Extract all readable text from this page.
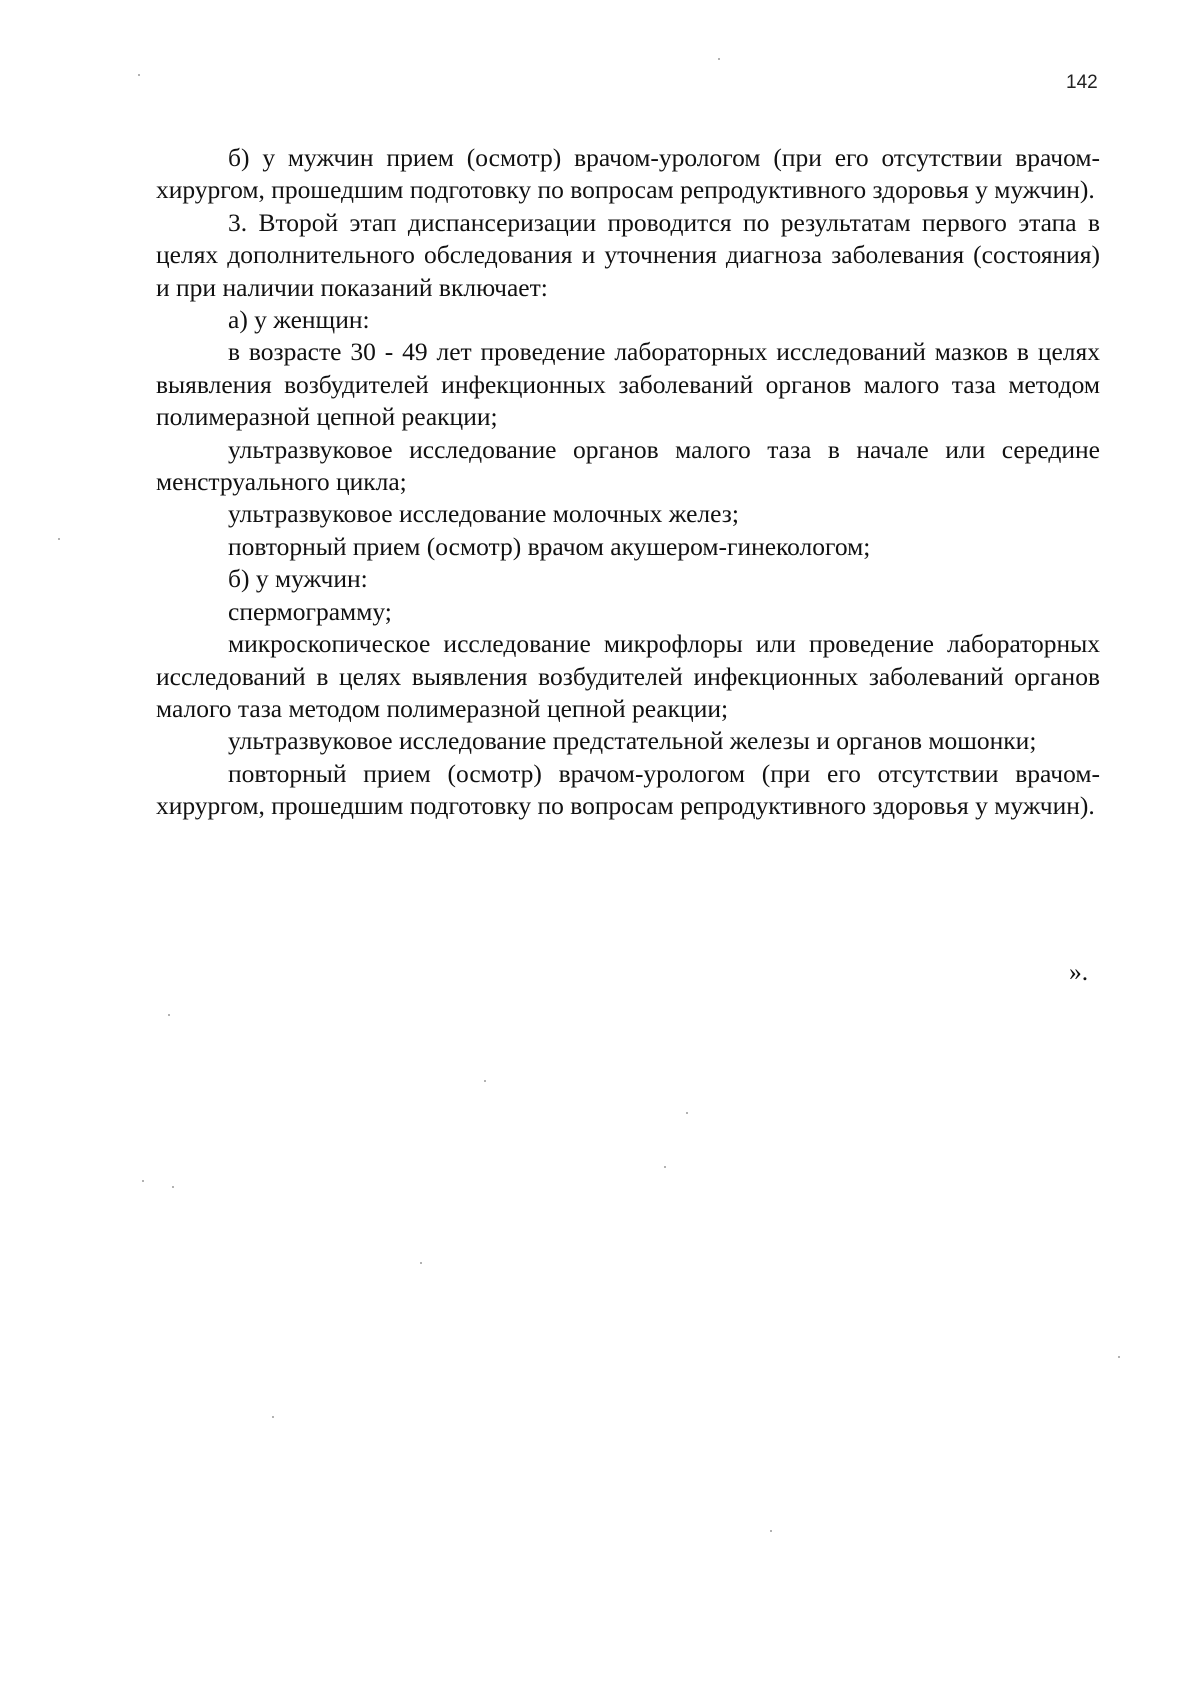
142

б) у мужчин прием (осмотр) врачом-урологом (при его отсутствии врачом-хирургом, прошедшим подготовку по вопросам репродуктивного здоровья у мужчин).

3. Второй этап диспансеризации проводится по результатам первого этапа в целях дополнительного обследования и уточнения диагноза заболевания (состояния) и при наличии показаний включает:

а) у женщин:

в возрасте 30 - 49 лет проведение лабораторных исследований мазков в целях выявления возбудителей инфекционных заболеваний органов малого таза методом полимеразной цепной реакции;

ультразвуковое исследование органов малого таза в начале или середине менструального цикла;

ультразвуковое исследование молочных желез;

повторный прием (осмотр) врачом акушером-гинекологом;

б) у мужчин:

спермограмму;

микроскопическое исследование микрофлоры или проведение лабораторных исследований в целях выявления возбудителей инфекционных заболеваний органов малого таза методом полимеразной цепной реакции;

ультразвуковое исследование предстательной железы и органов мошонки;

повторный прием (осмотр) врачом-урологом (при его отсутствии врачом-хирургом, прошедшим подготовку по вопросам репродуктивного здоровья у мужчин).

».
